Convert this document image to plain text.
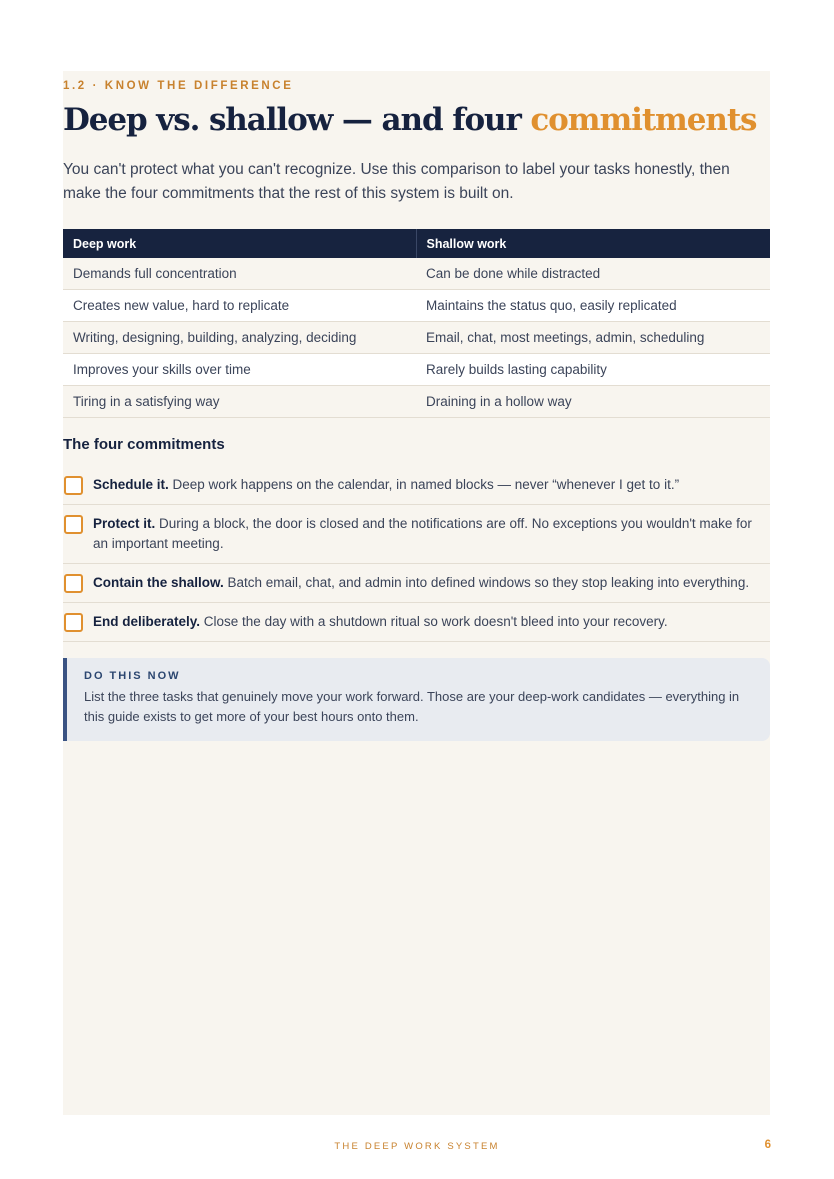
1.2 · KNOW THE DIFFERENCE
Deep vs. shallow — and four commitments

You can't protect what you can't recognize. Use this comparison to label your tasks honestly, then make the four commitments that the rest of this system is built on.

Deep work	Shallow work
Demands full concentration	Can be done while distracted
Creates new value, hard to replicate	Maintains the status quo, easily replicated
Writing, designing, building, analyzing, deciding	Email, chat, most meetings, admin, scheduling
Improves your skills over time	Rarely builds lasting capability
Tiring in a satisfying way	Draining in a hollow way
The four commitments
Schedule it. Deep work happens on the calendar, in named blocks — never “whenever I get to it.”
Protect it. During a block, the door is closed and the notifications are off. No exceptions you wouldn't make for an important meeting.
Contain the shallow. Batch email, chat, and admin into defined windows so they stop leaking into everything.
End deliberately. Close the day with a shutdown ritual so work doesn't bleed into your recovery.
DO THIS NOW

List the three tasks that genuinely move your work forward. Those are your deep-work candidates — everything in this guide exists to get more of your best hours onto them.

THE DEEP WORK SYSTEM	6
